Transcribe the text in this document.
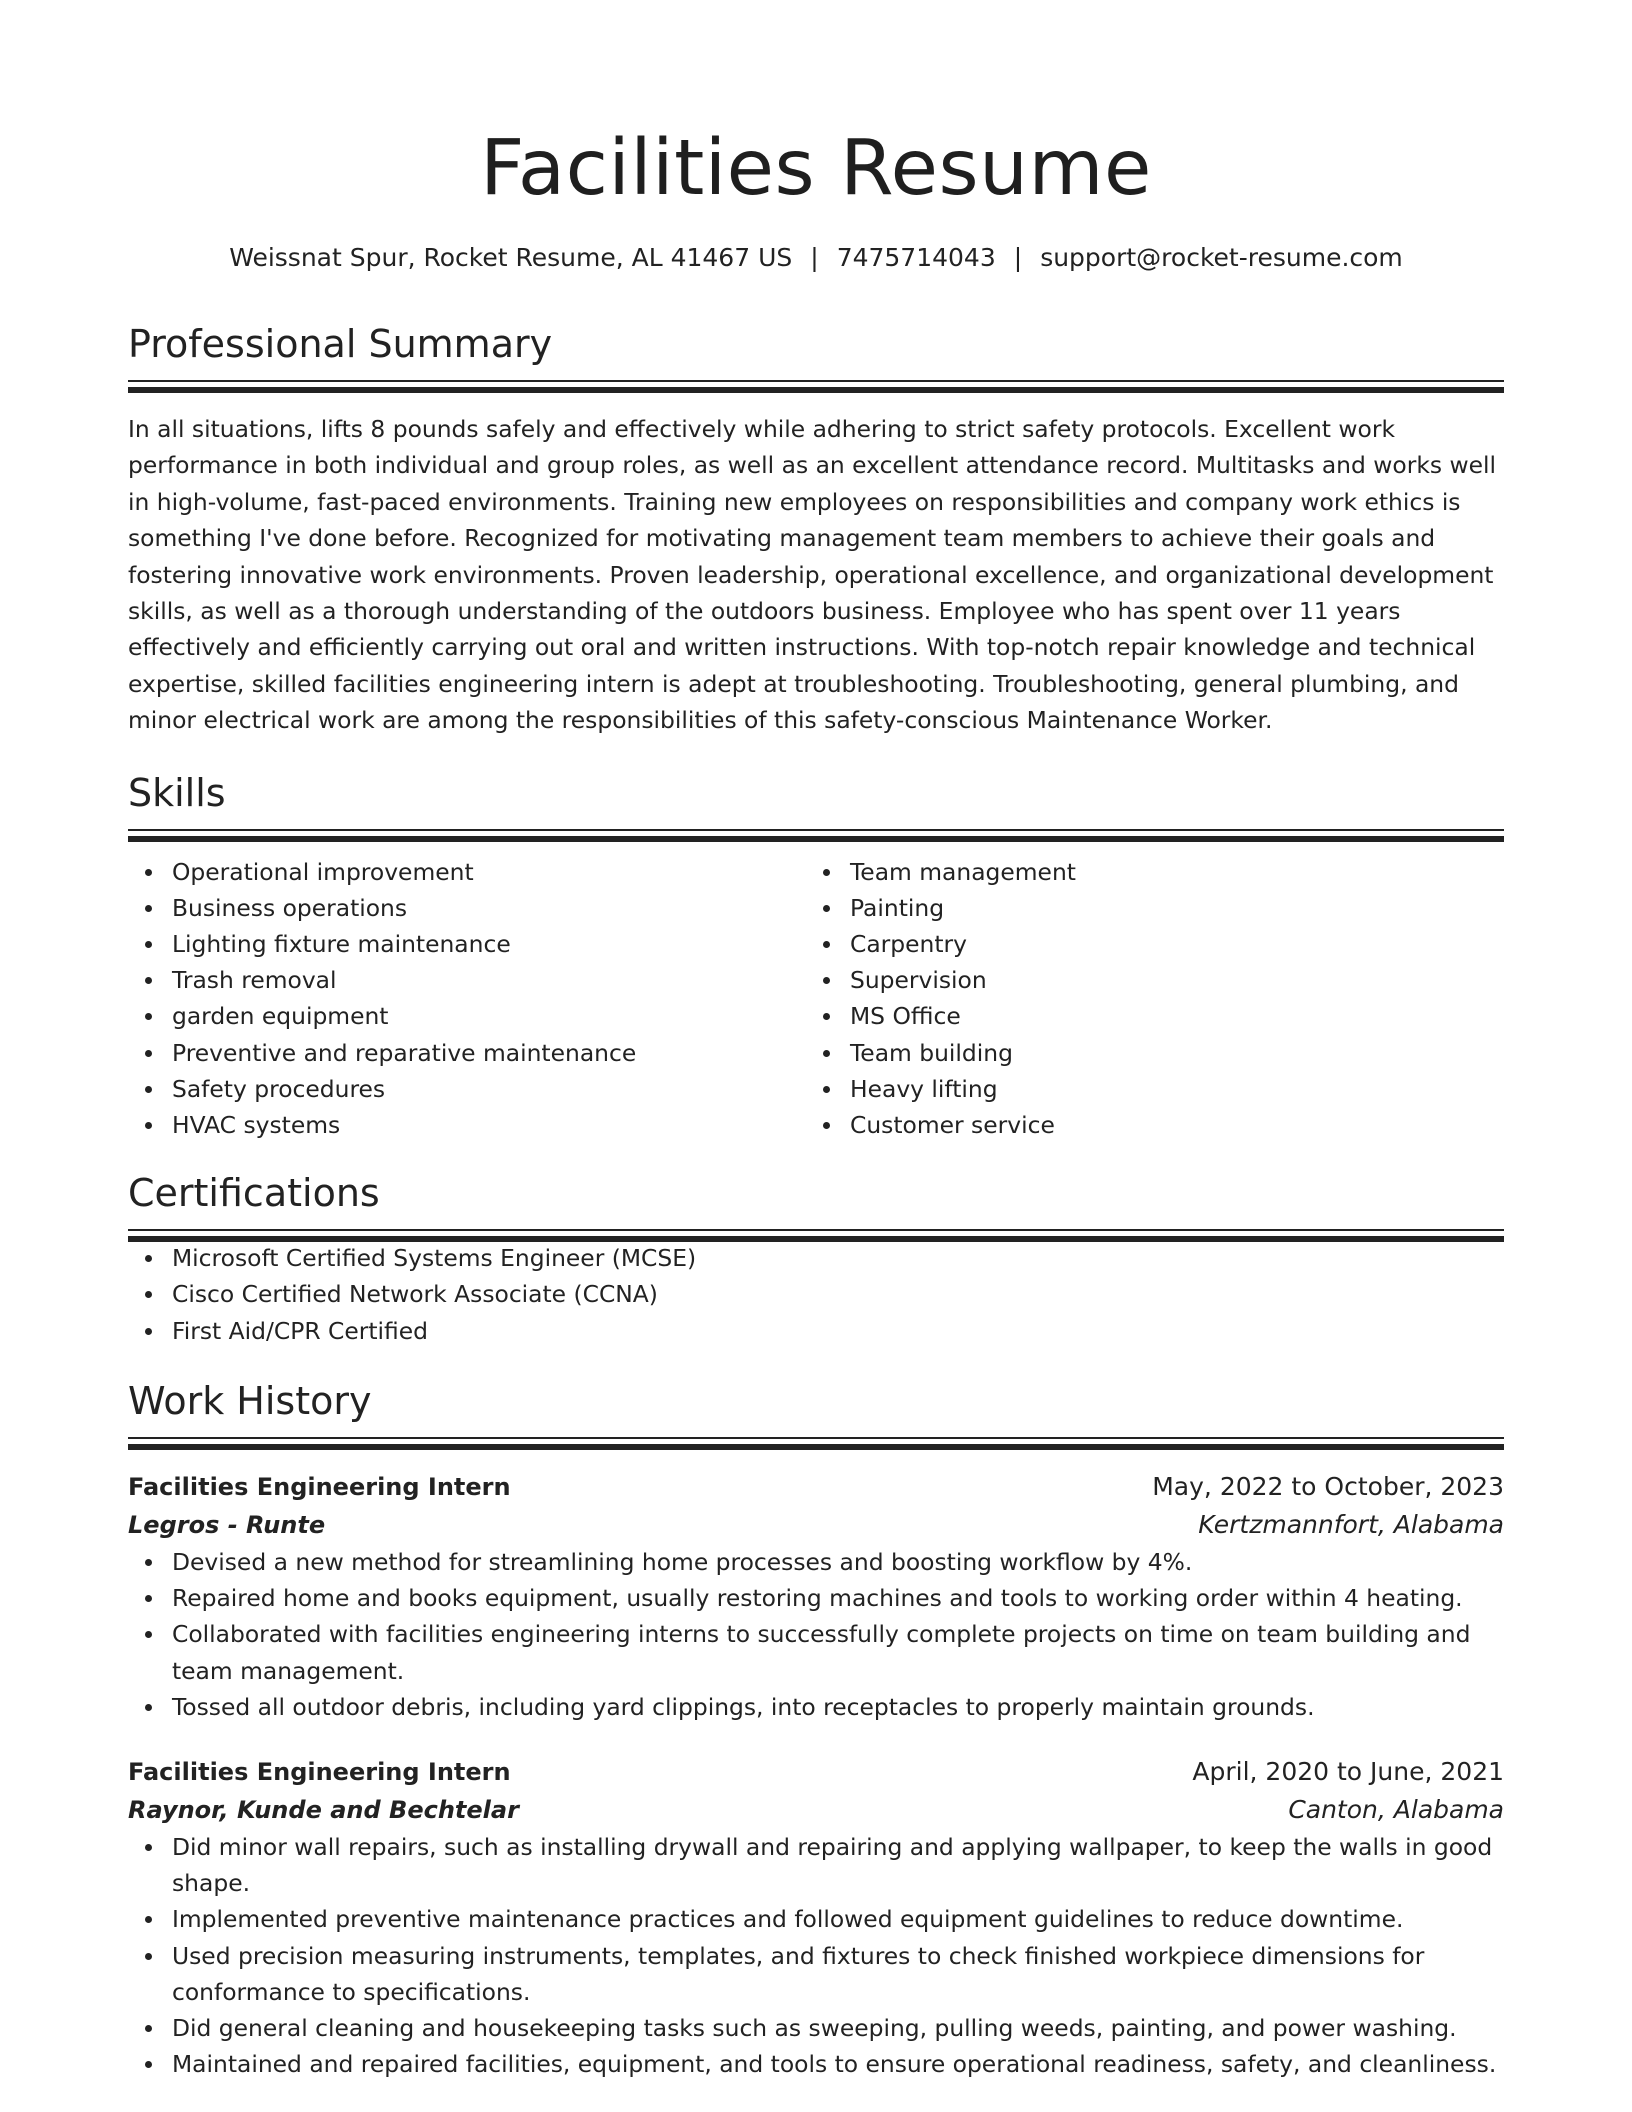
Facilities Resume
Weissnat Spur, Rocket Resume, AL 41467 US | 7475714043 | support@rocket-resume.com
Professional Summary

In all situations, lifts 8 pounds safely and effectively while adhering to strict safety protocols. Excellent work performance in both individual and group roles, as well as an excellent attendance record. Multitasks and works well in high-volume, fast-paced environments. Training new employees on responsibilities and company work ethics is something I've done before. Recognized for motivating management team members to achieve their goals and fostering innovative work environments. Proven leadership, operational excellence, and organizational development skills, as well as a thorough understanding of the outdoors business. Employee who has spent over 11 years effectively and efficiently carrying out oral and written instructions. With top-notch repair knowledge and technical expertise, skilled facilities engineering intern is adept at troubleshooting. Troubleshooting, general plumbing, and minor electrical work are among the responsibilities of this safety-conscious Maintenance Worker.

Skills
Operational improvement
Business operations
Lighting fixture maintenance
Trash removal
garden equipment
Preventive and reparative maintenance
Safety procedures
HVAC systems
Team management
Painting
Carpentry
Supervision
MS Office
Team building
Heavy lifting
Customer service
Certifications
Microsoft Certified Systems Engineer (MCSE)
Cisco Certified Network Associate (CCNA)
First Aid/CPR Certified
Work History
Facilities Engineering Intern	May, 2022 to October, 2023
Legros - Runte	Kertzmannfort, Alabama
Devised a new method for streamlining home processes and boosting workflow by 4%.
Repaired home and books equipment, usually restoring machines and tools to working order within 4 heating.
Collaborated with facilities engineering interns to successfully complete projects on time on team building and team management.
Tossed all outdoor debris, including yard clippings, into receptacles to properly maintain grounds.
Facilities Engineering Intern	April, 2020 to June, 2021
Raynor, Kunde and Bechtelar	Canton, Alabama
Did minor wall repairs, such as installing drywall and repairing and applying wallpaper, to keep the walls in good shape.
Implemented preventive maintenance practices and followed equipment guidelines to reduce downtime.
Used precision measuring instruments, templates, and fixtures to check finished workpiece dimensions for conformance to specifications.
Did general cleaning and housekeeping tasks such as sweeping, pulling weeds, painting, and power washing.
Maintained and repaired facilities, equipment, and tools to ensure operational readiness, safety, and cleanliness.
